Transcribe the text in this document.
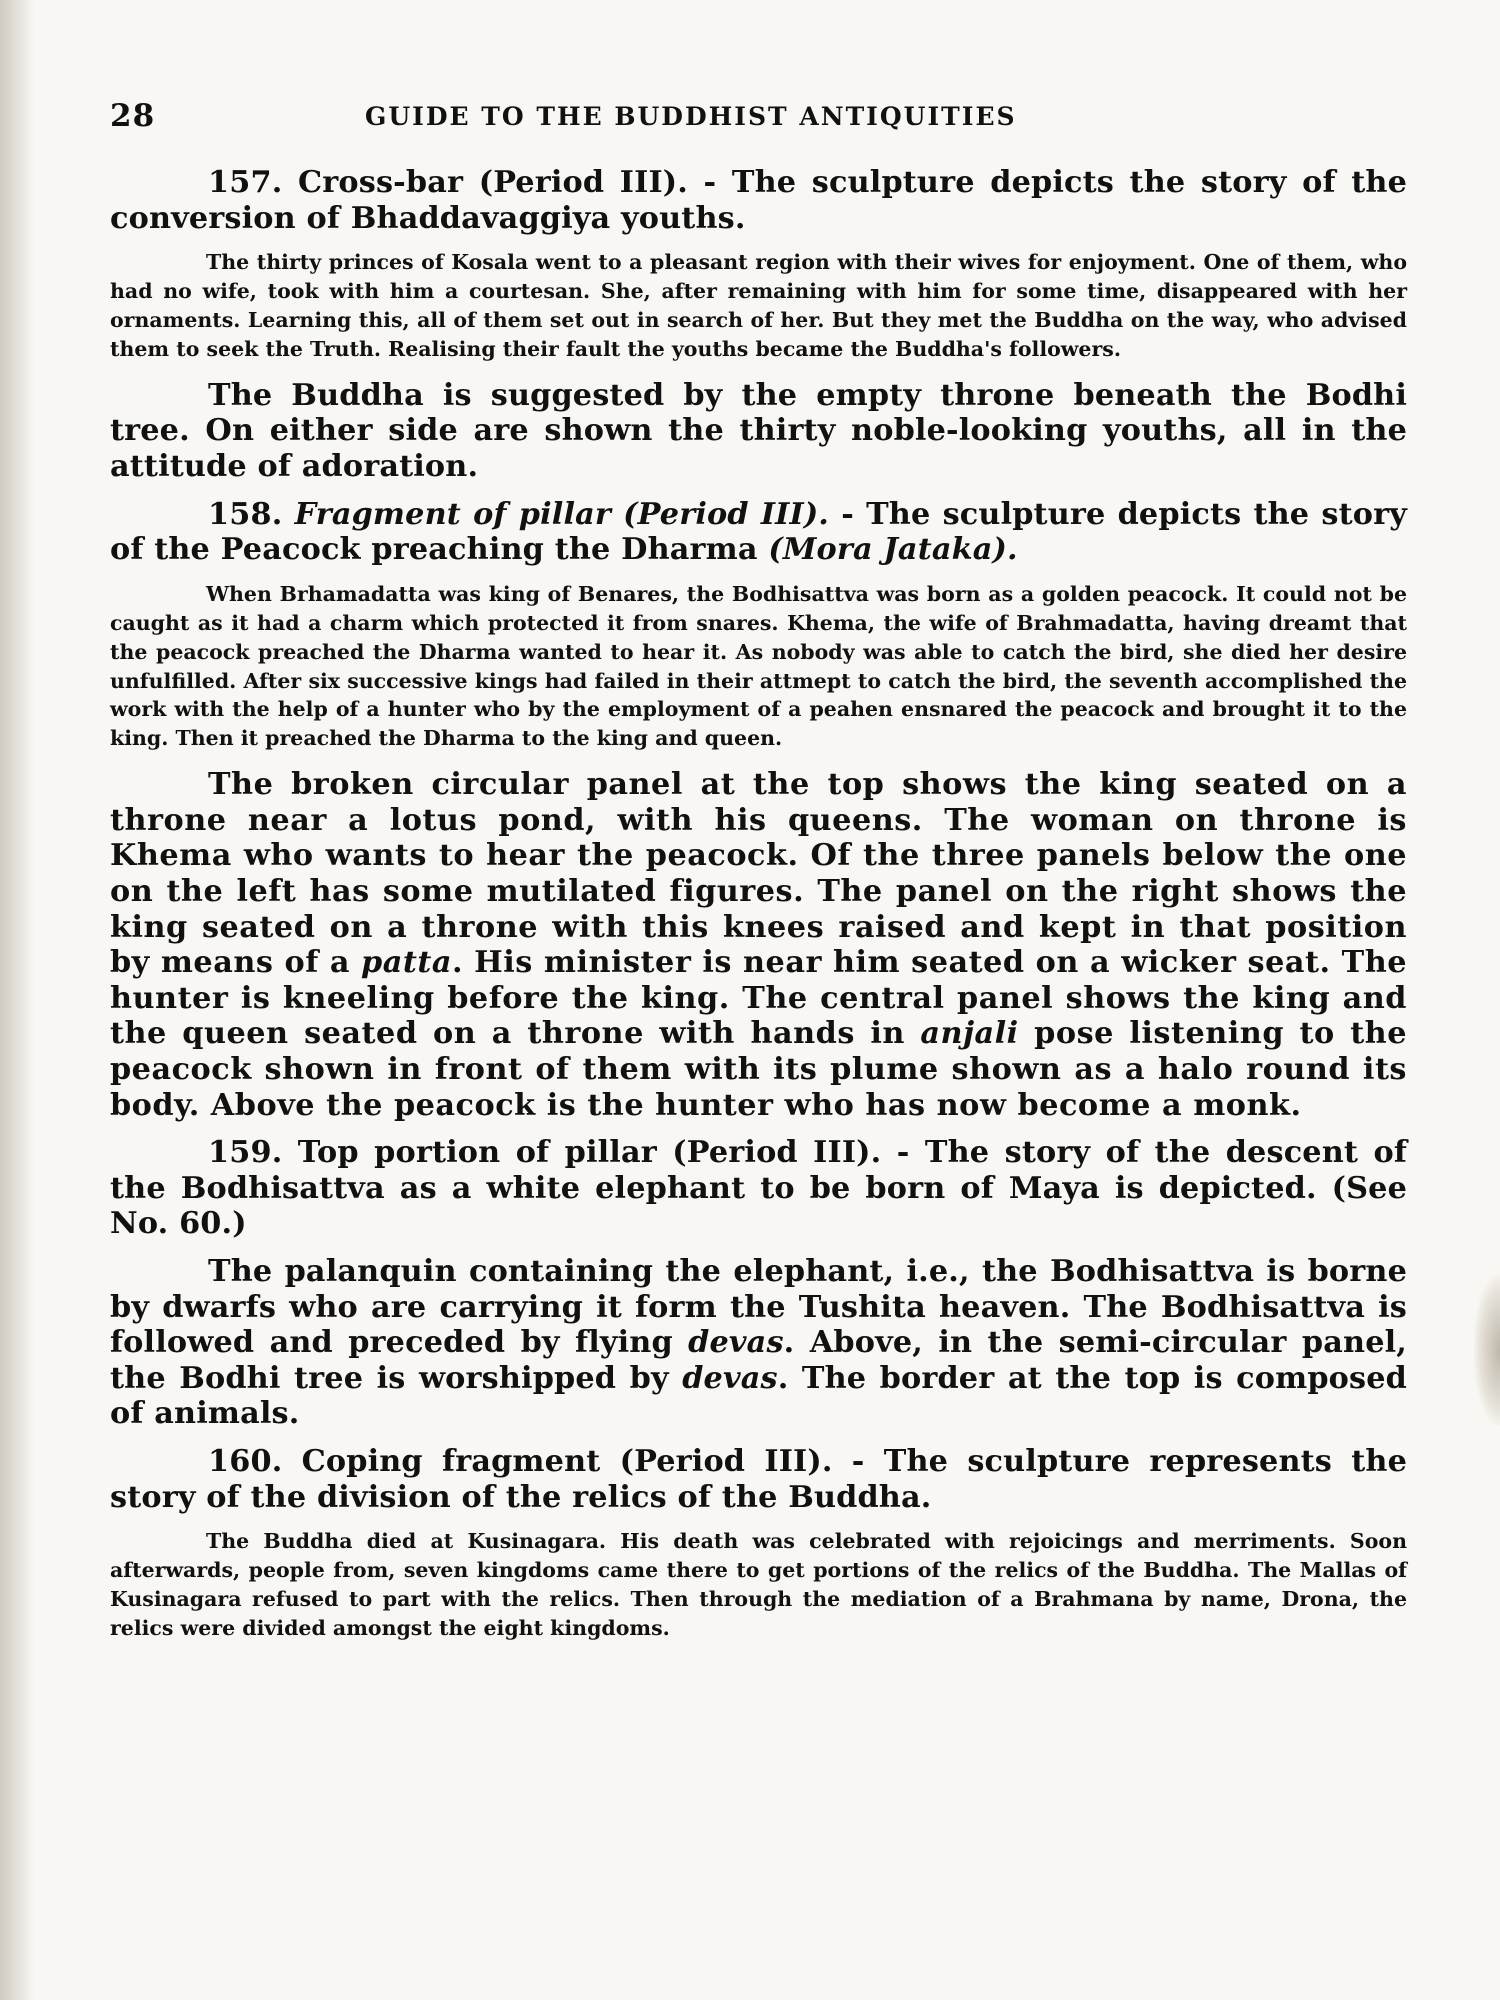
28	GUIDE TO THE BUDDHIST ANTIQUITIES

157. Cross-bar (Period III). - The sculpture depicts the story of the conversion of Bhaddavaggiya youths.

The thirty princes of Kosala went to a pleasant region with their wives for enjoyment. One of them, who had no wife, took with him a courtesan. She, after remaining with him for some time, disappeared with her ornaments. Learning this, all of them set out in search of her. But they met the Buddha on the way, who advised them to seek the Truth. Realising their fault the youths became the Buddha's followers.

The Buddha is suggested by the empty throne beneath the Bodhi tree. On either side are shown the thirty noble-looking youths, all in the attitude of adoration.

158. Fragment of pillar (Period III). - The sculpture depicts the story of the Peacock preaching the Dharma (Mora Jataka).

When Brhamadatta was king of Benares, the Bodhisattva was born as a golden peacock. It could not be caught as it had a charm which protected it from snares. Khema, the wife of Brahmadatta, having dreamt that the peacock preached the Dharma wanted to hear it. As nobody was able to catch the bird, she died her desire unfulfilled. After six successive kings had failed in their attmept to catch the bird, the seventh accomplished the work with the help of a hunter who by the employment of a peahen ensnared the peacock and brought it to the king. Then it preached the Dharma to the king and queen.

The broken circular panel at the top shows the king seated on a throne near a lotus pond, with his queens. The woman on throne is Khema who wants to hear the peacock. Of the three panels below the one on the left has some mutilated figures. The panel on the right shows the king seated on a throne with this knees raised and kept in that position by means of a patta. His minister is near him seated on a wicker seat. The hunter is kneeling before the king. The central panel shows the king and the queen seated on a throne with hands in anjali pose listening to the peacock shown in front of them with its plume shown as a halo round its body. Above the peacock is the hunter who has now become a monk.

159. Top portion of pillar (Period III). - The story of the descent of the Bodhisattva as a white elephant to be born of Maya is depicted. (See No. 60.)

The palanquin containing the elephant, i.e., the Bodhisattva is borne by dwarfs who are carrying it form the Tushita heaven. The Bodhisattva is followed and preceded by flying devas. Above, in the semi-circular panel, the Bodhi tree is worshipped by devas. The border at the top is composed of animals.

160. Coping fragment (Period III). - The sculpture represents the story of the division of the relics of the Buddha.

The Buddha died at Kusinagara. His death was celebrated with rejoicings and merriments. Soon afterwards, people from, seven kingdoms came there to get portions of the relics of the Buddha. The Mallas of Kusinagara refused to part with the relics. Then through the mediation of a Brahmana by name, Drona, the relics were divided amongst the eight kingdoms.
